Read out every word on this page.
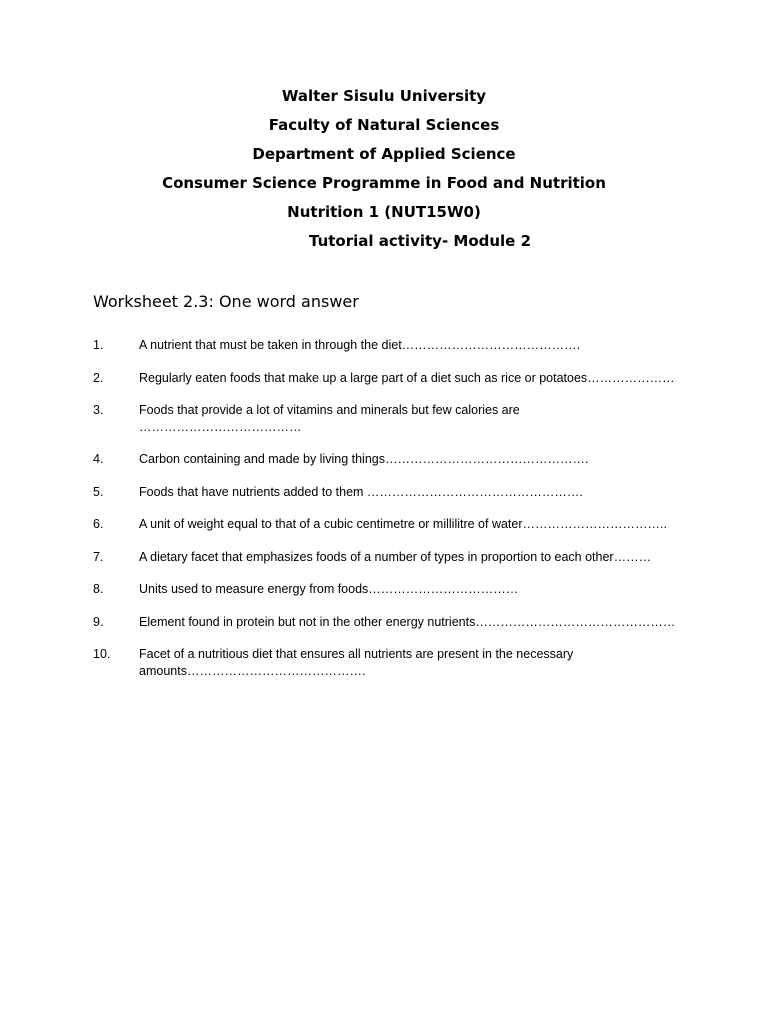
Walter Sisulu University
Faculty of Natural Sciences
Department of Applied Science
Consumer Science Programme in Food and Nutrition
Nutrition 1 (NUT15W0)
Tutorial activity- Module 2
Worksheet 2.3: One word answer
1.	A nutrient that must be taken in through the diet…………………………………….
2.	Regularly eaten foods that make up a large part of a diet such as rice or potatoes…………………
3.	Foods that provide a lot of vitamins and minerals but few calories are …………………………………
4.	Carbon containing and made by living things………………………………………….
5.	Foods that have nutrients added to them …………………………………………….
6.	A unit of weight equal to that of a cubic centimetre or millilitre of water……………………………..
7.	A dietary facet that emphasizes foods of a number of types in proportion to each other………
8.	Units used to measure energy from foods………………………………
9.	Element found in protein but not in the other energy nutrients…………………………………………
10.	Facet of a nutritious diet that ensures all nutrients are present in the necessary amounts…………………………………….
